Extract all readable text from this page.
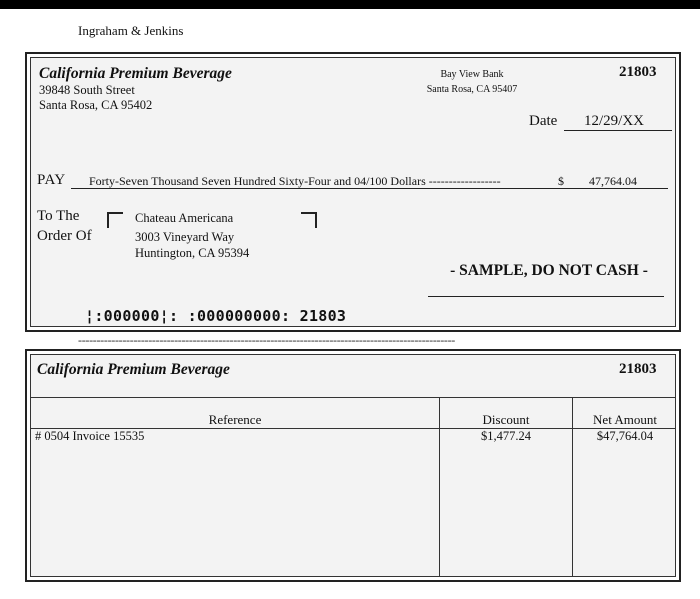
Ingraham & Jenkins
California Premium Beverage
39848 South Street
Santa Rosa, CA 95402
Bay View Bank
Santa Rosa, CA 95407
21803
Date	12/29/XX
PAY Forty-Seven Thousand Seven Hundred Sixty-Four and 04/100 Dollars ------------------	$	47,764.04
To The
Order Of
Chateau Americana
3003 Vineyard Way
Huntington, CA 95394
- SAMPLE, DO NOT CASH -
¦:000000¦: :000000000: 21803
------------------------------------------------------------------------------------------------------
California Premium Beverage	21803
Reference	Discount	Net Amount
# 0504 Invoice 15535	$1,477.24	$47,764.04
